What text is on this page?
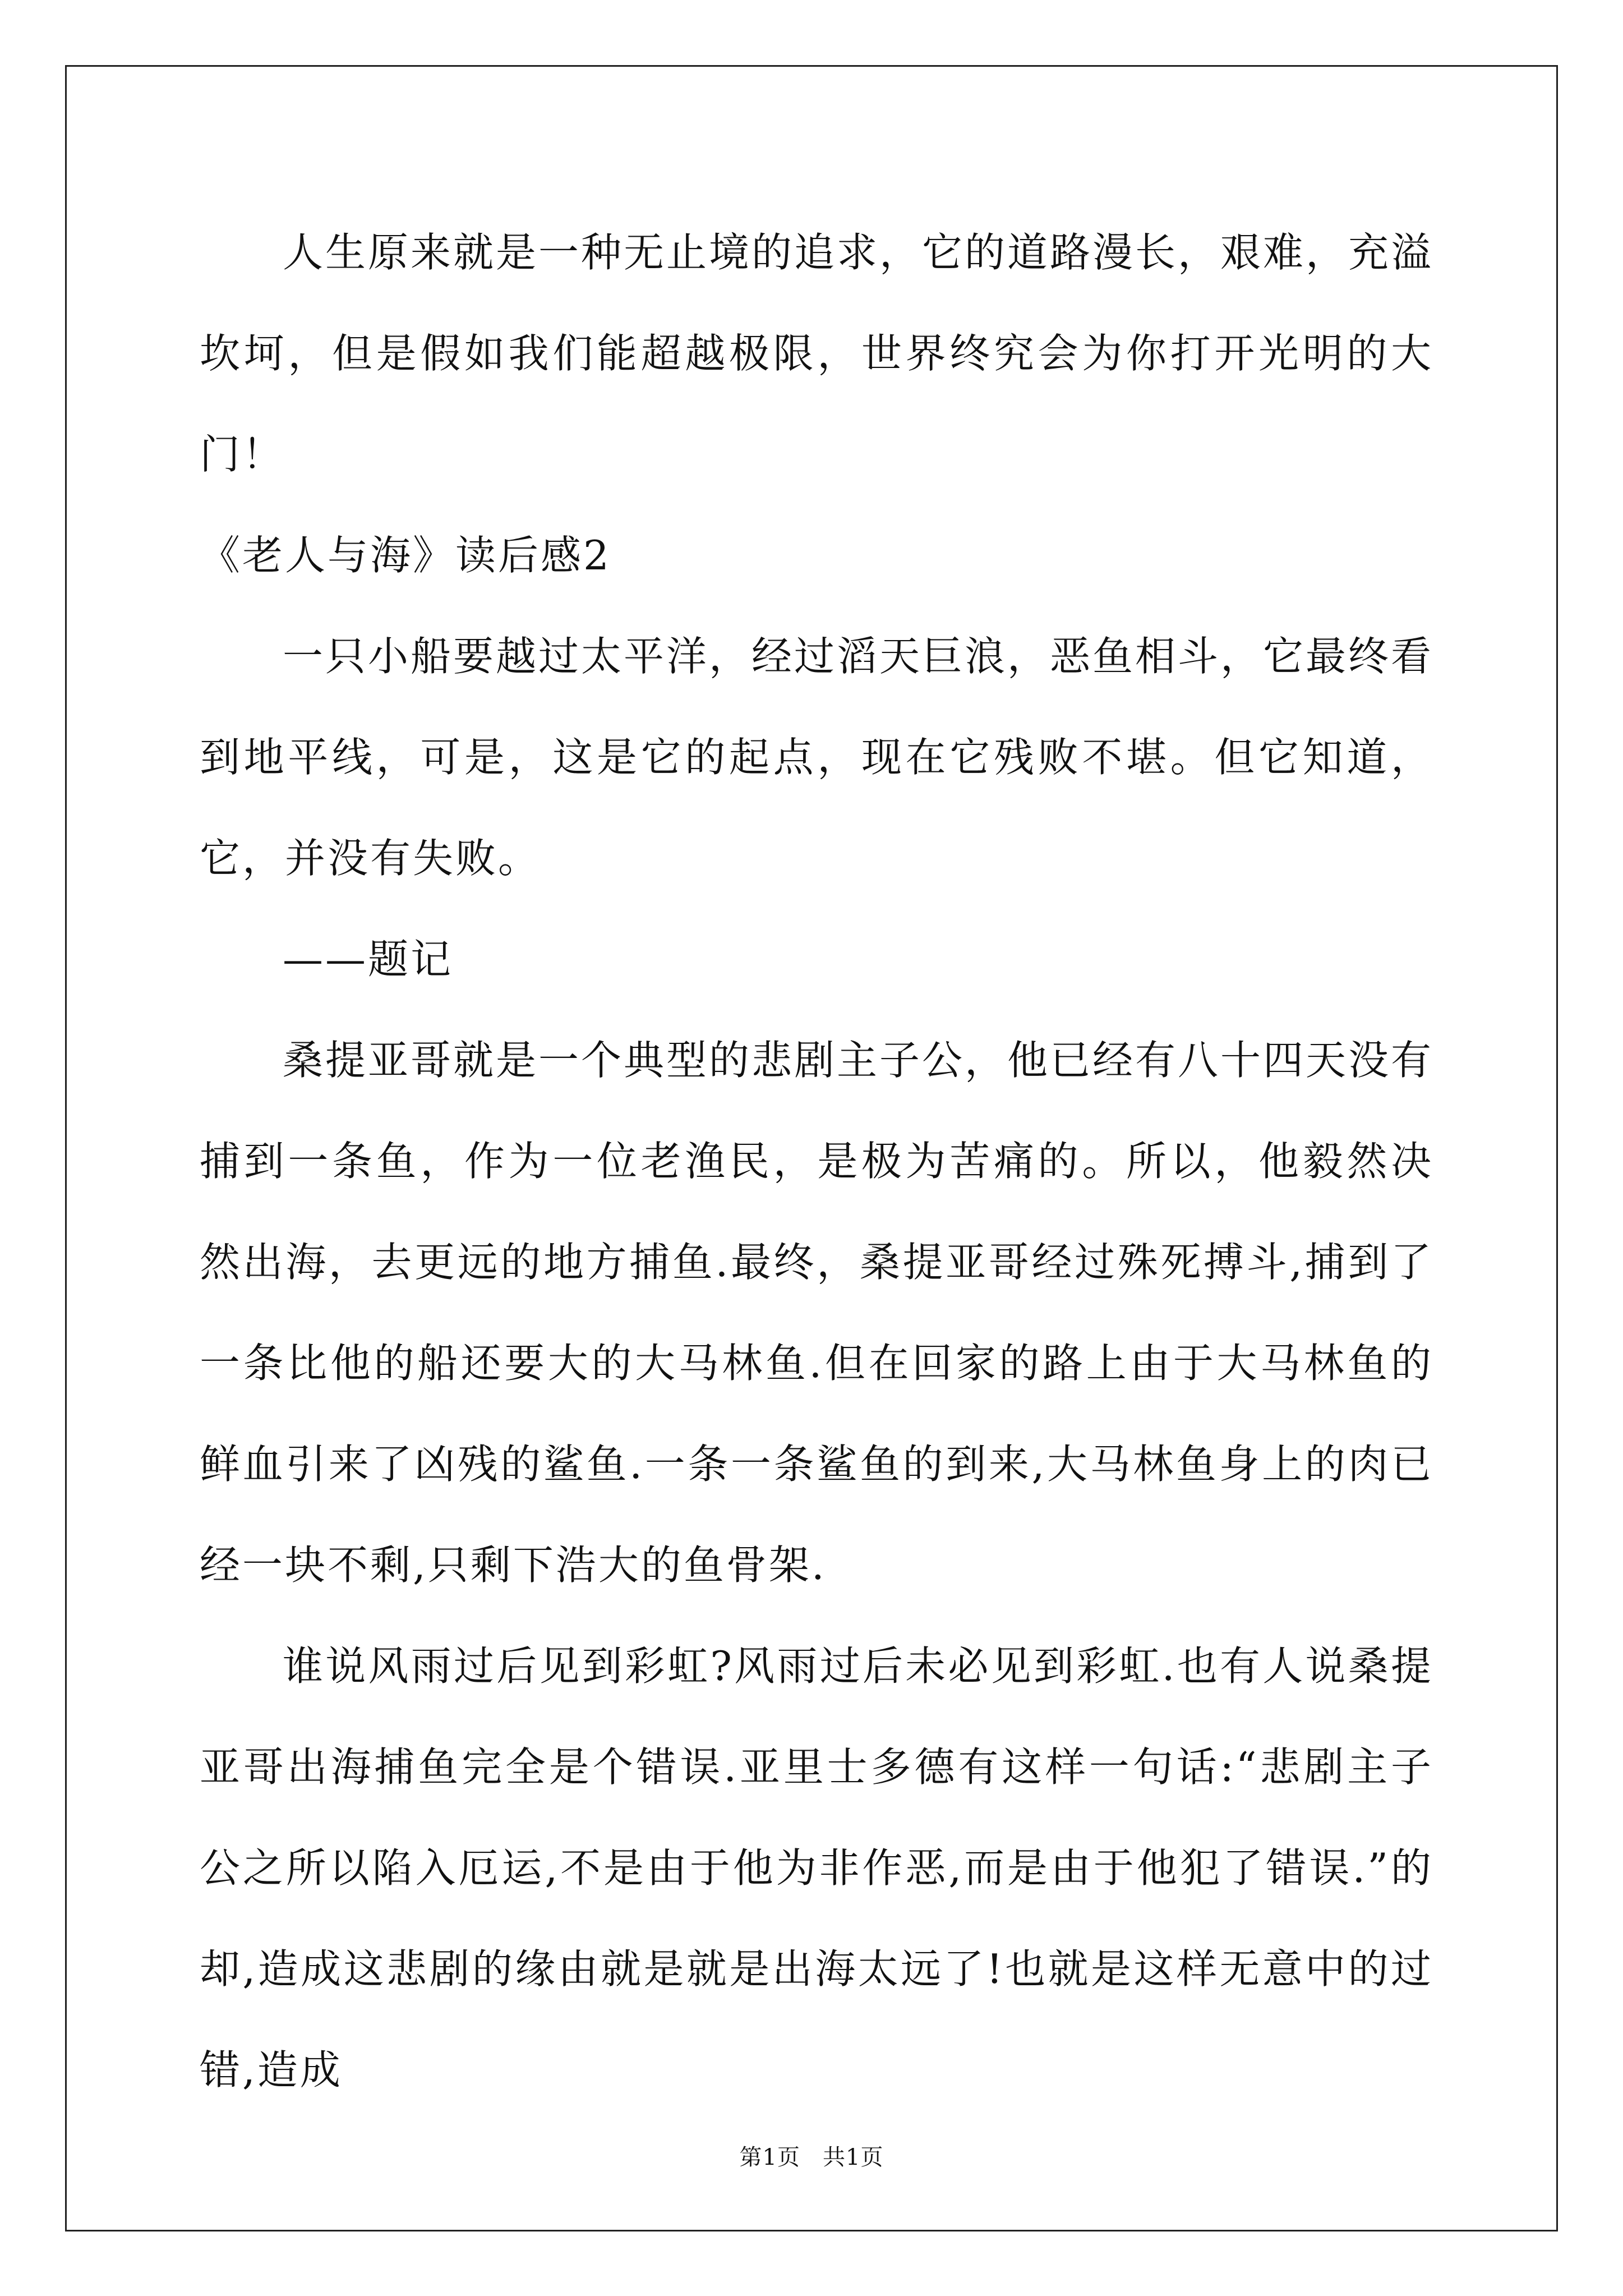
人生原来就是一种无止境的追求，它的道路漫长，艰难，充溢坎坷，但是假如我们能超越极限，世界终究会为你打开光明的大门！

《老人与海》读后感2

一只小船要越过太平洋，经过滔天巨浪，恶鱼相斗，它最终看到地平线，可是，这是它的起点，现在它残败不堪。但它知道，它，并没有失败。

——题记

桑提亚哥就是一个典型的悲剧主子公，他已经有八十四天没有捕到一条鱼，作为一位老渔民，是极为苦痛的。所以，他毅然决然出海，去更远的地方捕鱼.最终，桑提亚哥经过殊死搏斗,捕到了一条比他的船还要大的大马林鱼.但在回家的路上由于大马林鱼的鲜血引来了凶残的鲨鱼.一条一条鲨鱼的到来,大马林鱼身上的肉已经一块不剩,只剩下浩大的鱼骨架.

谁说风雨过后见到彩虹?风雨过后未必见到彩虹.也有人说桑提亚哥出海捕鱼完全是个错误.亚里士多德有这样一句话:“悲剧主子公之所以陷入厄运,不是由于他为非作恶,而是由于他犯了错误.”的却,造成这悲剧的缘由就是就是出海太远了!也就是这样无意中的过错,造成

第1页 共1页
